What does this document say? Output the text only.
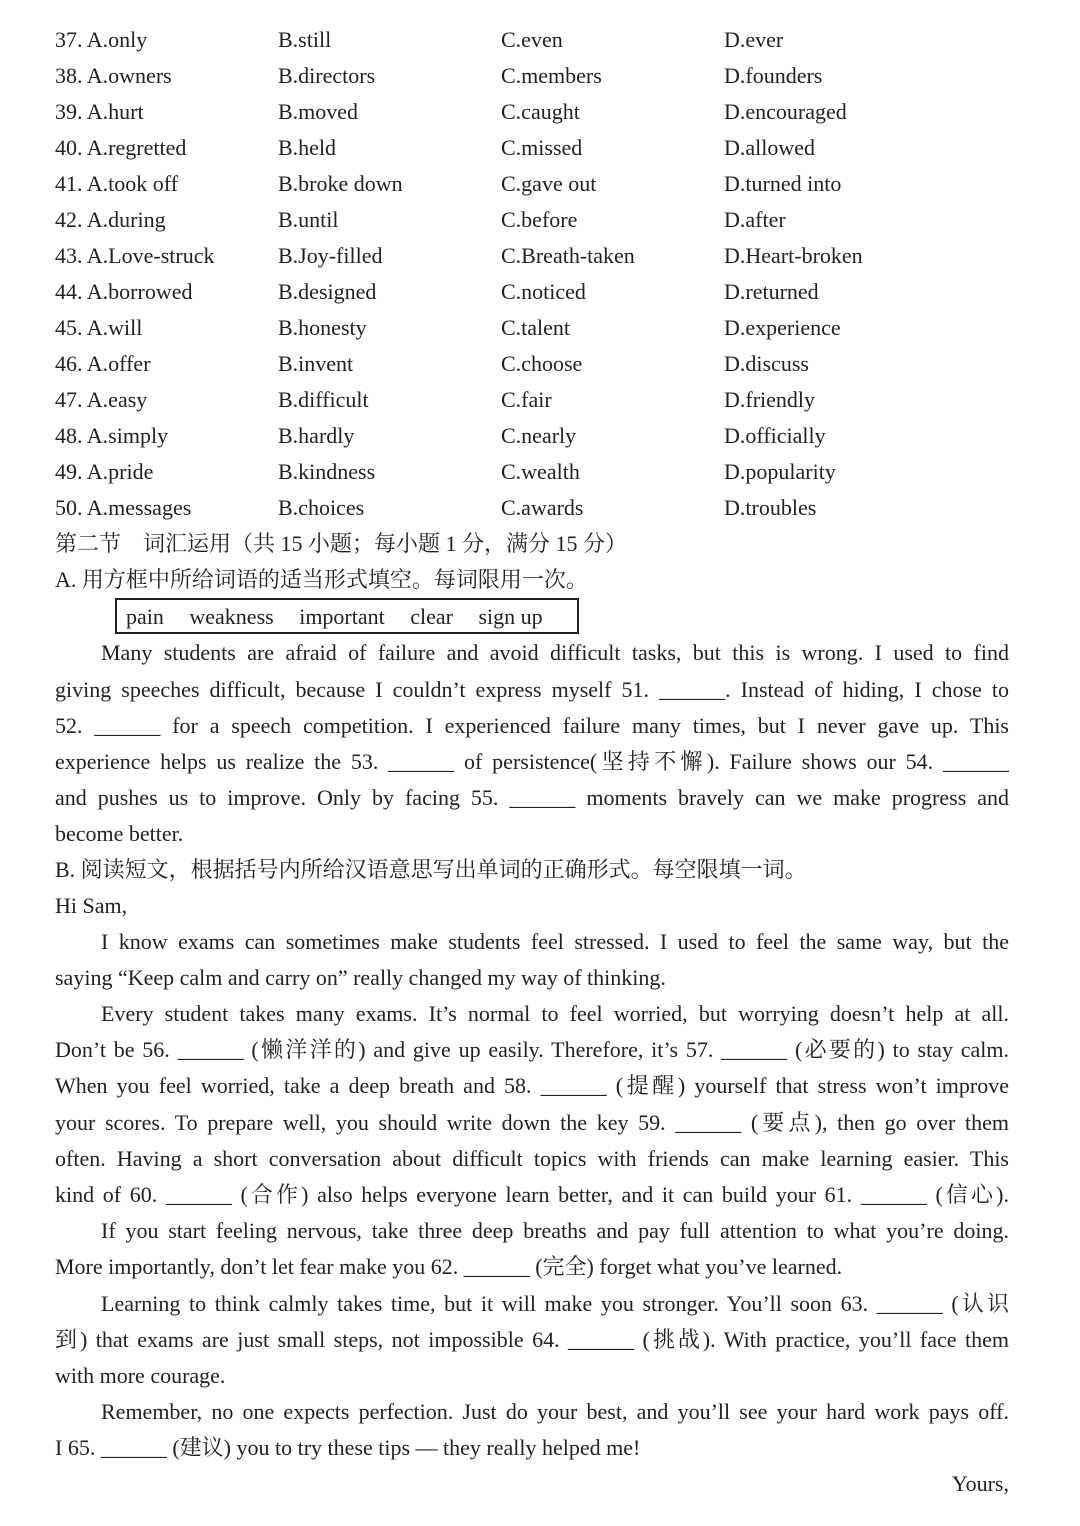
37. A.only	B.still	C.even	D.ever
38. A.owners	B.directors	C.members	D.founders
39. A.hurt	B.moved	C.caught	D.encouraged
40. A.regretted	B.held	C.missed	D.allowed
41. A.took off	B.broke down	C.gave out	D.turned into
42. A.during	B.until	C.before	D.after
43. A.Love-struck	B.Joy-filled	C.Breath-taken	D.Heart-broken
44. A.borrowed	B.designed	C.noticed	D.returned
45. A.will	B.honesty	C.talent	D.experience
46. A.offer	B.invent	C.choose	D.discuss
47. A.easy	B.difficult	C.fair	D.friendly
48. A.simply	B.hardly	C.nearly	D.officially
49. A.pride	B.kindness	C.wealth	D.popularity
50. A.messages	B.choices	C.awards	D.troubles
第二节　词汇运用（共 15 小题；每小题 1 分，满分 15 分）
A. 用方框中所给词语的适当形式填空。每词限用一次。
pain weakness important clear sign up
Many students are afraid of failure and avoid difficult tasks, but this is wrong. I used to find
giving speeches difficult, because I couldn’t express myself 51. ______. Instead of hiding, I chose to
52. ______ for a speech competition. I experienced failure many times, but I never gave up. This
experience helps us realize the 53. ______ of persistence(坚持不懈). Failure shows our 54. ______
and pushes us to improve. Only by facing 55. ______ moments bravely can we make progress and
become better.
B. 阅读短文，根据括号内所给汉语意思写出单词的正确形式。每空限填一词。
Hi Sam,
I know exams can sometimes make students feel stressed. I used to feel the same way, but the
saying “Keep calm and carry on” really changed my way of thinking.
Every student takes many exams. It’s normal to feel worried, but worrying doesn’t help at all.
Don’t be 56. ______ (懒洋洋的) and give up easily. Therefore, it’s 57. ______ (必要的) to stay calm.
When you feel worried, take a deep breath and 58. ______ (提醒) yourself that stress won’t improve
your scores. To prepare well, you should write down the key 59. ______ (要点), then go over them
often. Having a short conversation about difficult topics with friends can make learning easier. This
kind of 60. ______ (合作) also helps everyone learn better, and it can build your 61. ______ (信心).
If you start feeling nervous, take three deep breaths and pay full attention to what you’re doing.
More importantly, don’t let fear make you 62. ______ (完全) forget what you’ve learned.
Learning to think calmly takes time, but it will make you stronger. You’ll soon 63. ______ (认识
到) that exams are just small steps, not impossible 64. ______ (挑战). With practice, you’ll face them
with more courage.
Remember, no one expects perfection. Just do your best, and you’ll see your hard work pays off.
I 65. ______ (建议) you to try these tips — they really helped me!
Yours,
